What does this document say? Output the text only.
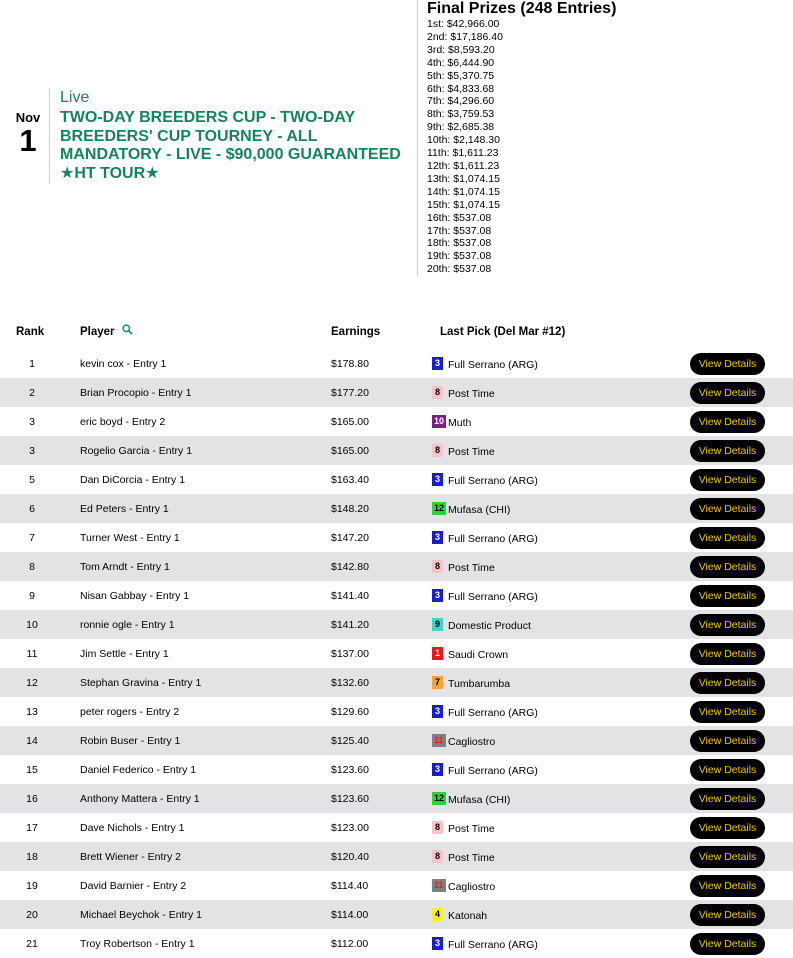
Nov
1
Live
TWO-DAY BREEDERS CUP - TWO-DAY BREEDERS' CUP TOURNEY - ALL MANDATORY - LIVE - $90,000 GUARANTEED ★HT TOUR★
Final Prizes (248 Entries)
1st: $42,966.00
2nd: $17,186.40
3rd: $8,593.20
4th: $6,444.90
5th: $5,370.75
6th: $4,833.68
7th: $4,296.60
8th: $3,759.53
9th: $2,685.38
10th: $2,148.30
11th: $1,611.23
12th: $1,611.23
13th: $1,074.15
14th: $1,074.15
15th: $1,074.15
16th: $537.08
17th: $537.08
18th: $537.08
19th: $537.08
20th: $537.08
Rank	Player	Earnings	Last Pick (Del Mar #12)
1	kevin cox - Entry 1	$178.80	3 Full Serrano (ARG)	View Details
2	Brian Procopio - Entry 1	$177.20	8 Post Time	View Details
3	eric boyd - Entry 2	$165.00	10 Muth	View Details
3	Rogelio Garcia - Entry 1	$165.00	8 Post Time	View Details
5	Dan DiCorcia - Entry 1	$163.40	3 Full Serrano (ARG)	View Details
6	Ed Peters - Entry 1	$148.20	12 Mufasa (CHI)	View Details
7	Turner West - Entry 1	$147.20	3 Full Serrano (ARG)	View Details
8	Tom Arndt - Entry 1	$142.80	8 Post Time	View Details
9	Nisan Gabbay - Entry 1	$141.40	3 Full Serrano (ARG)	View Details
10	ronnie ogle - Entry 1	$141.20	9 Domestic Product	View Details
11	Jim Settle - Entry 1	$137.00	1 Saudi Crown	View Details
12	Stephan Gravina - Entry 1	$132.60	7 Tumbarumba	View Details
13	peter rogers - Entry 2	$129.60	3 Full Serrano (ARG)	View Details
14	Robin Buser - Entry 1	$125.40	11 Cagliostro	View Details
15	Daniel Federico - Entry 1	$123.60	3 Full Serrano (ARG)	View Details
16	Anthony Mattera - Entry 1	$123.60	12 Mufasa (CHI)	View Details
17	Dave Nichols - Entry 1	$123.00	8 Post Time	View Details
18	Brett Wiener - Entry 2	$120.40	8 Post Time	View Details
19	David Barnier - Entry 2	$114.40	11 Cagliostro	View Details
20	Michael Beychok - Entry 1	$114.00	4 Katonah	View Details
21	Troy Robertson - Entry 1	$112.00	3 Full Serrano (ARG)	View Details
